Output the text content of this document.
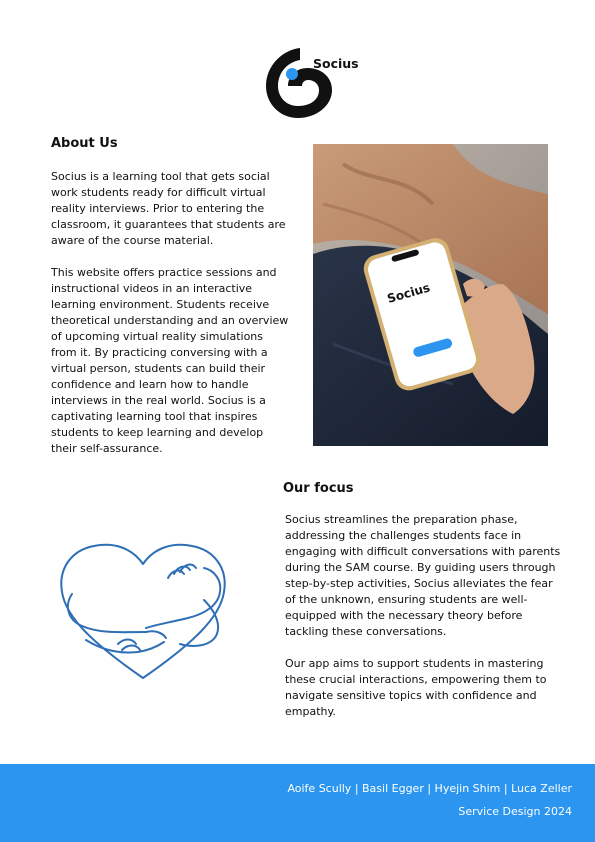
Socius
About Us

Socius is a learning tool that gets social work students ready for difficult virtual reality interviews. Prior to entering the classroom, it guarantees that students are aware of the course material.

This website offers practice sessions and instructional videos in an interactive learning environment. Students receive theoretical understanding and an overview of upcoming virtual reality simulations from it. By practicing conversing with a virtual person, students can build their confidence and learn how to handle interviews in the real world. Socius is a captivating learning tool that inspires students to keep learning and develop their self-assurance.

Socius
Our focus

Socius streamlines the preparation phase, addressing the challenges students face in engaging with difficult conversations with parents during the SAM course. By guiding users through step-by-step activities, Socius alleviates the fear of the unknown, ensuring students are well-equipped with the necessary theory before tackling these conversations.

Our app aims to support students in mastering these crucial interactions, empowering them to navigate sensitive topics with confidence and empathy.

Aoife Scully | Basil Egger | Hyejin Shim | Luca Zeller
Service Design 2024
